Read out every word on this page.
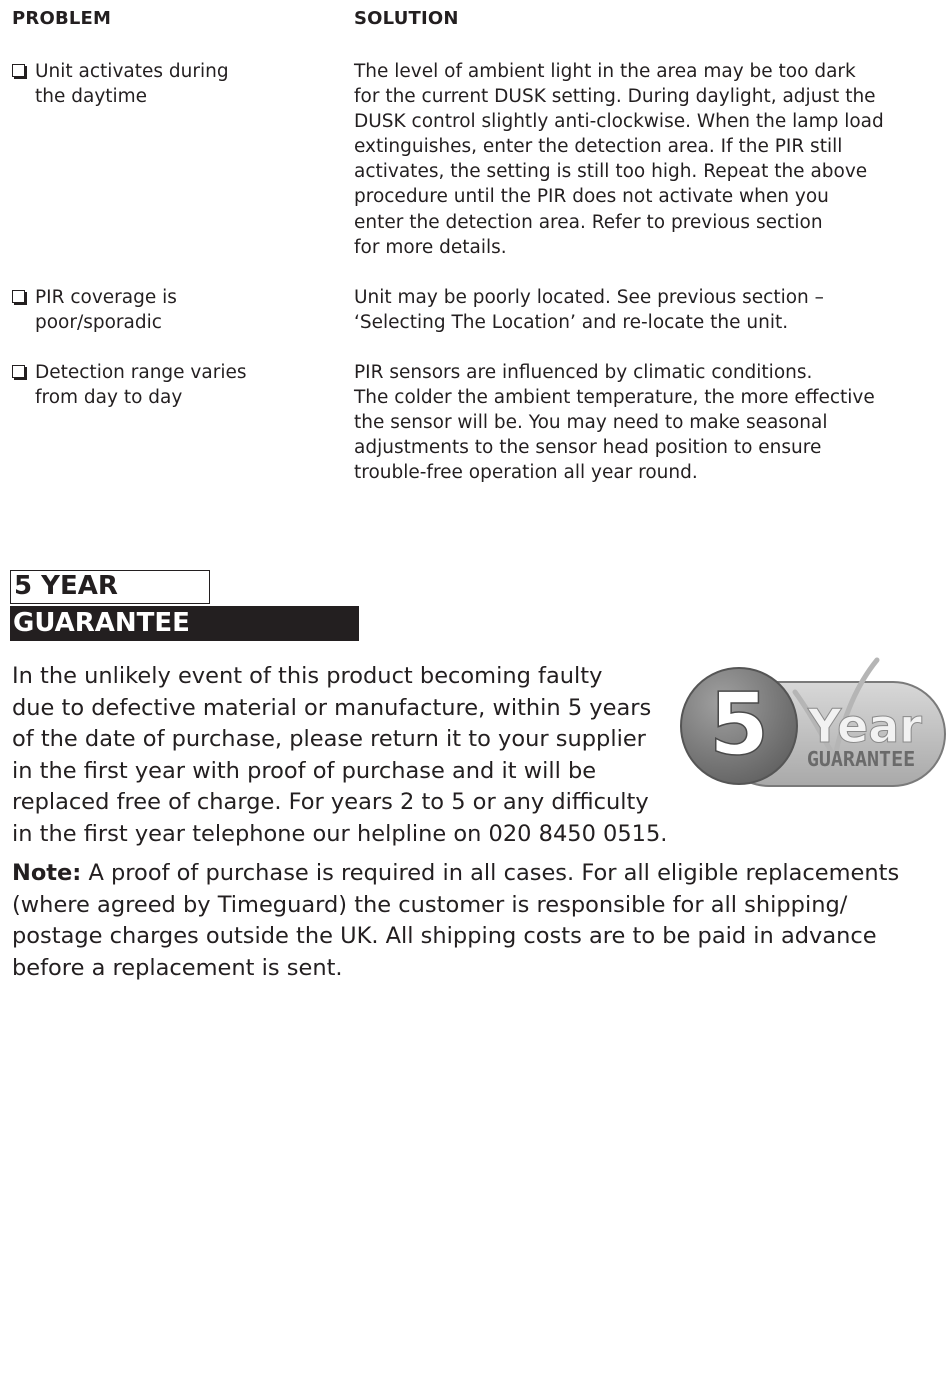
PROBLEM	SOLUTION
Unit activates during
the daytime
The level of ambient light in the area may be too dark
for the current DUSK setting. During daylight, adjust the
DUSK control slightly anti-clockwise. When the lamp load
extinguishes, enter the detection area. If the PIR still
activates, the setting is still too high. Repeat the above
procedure until the PIR does not activate when you
enter the detection area. Refer to previous section
for more details.
PIR coverage is
poor/sporadic
Unit may be poorly located. See previous section –
‘Selecting The Location’ and re-locate the unit.
Detection range varies
from day to day
PIR sensors are influenced by climatic conditions.
The colder the ambient temperature, the more effective
the sensor will be. You may need to make seasonal
adjustments to the sensor head position to ensure
trouble-free operation all year round.
5 YEAR
GUARANTEE
In the unlikely event of this product becoming faulty
due to defective material or manufacture, within 5 years
of the date of purchase, please return it to your supplier
in the first year with proof of purchase and it will be
replaced free of charge. For years 2 to 5 or any difficulty
in the first year telephone our helpline on 020 8450 0515.
Note: A proof of purchase is required in all cases. For all eligible replacements
(where agreed by Timeguard) the customer is responsible for all shipping/
postage charges outside the UK. All shipping costs are to be paid in advance
before a replacement is sent.
5 Year
GUARANTEE
